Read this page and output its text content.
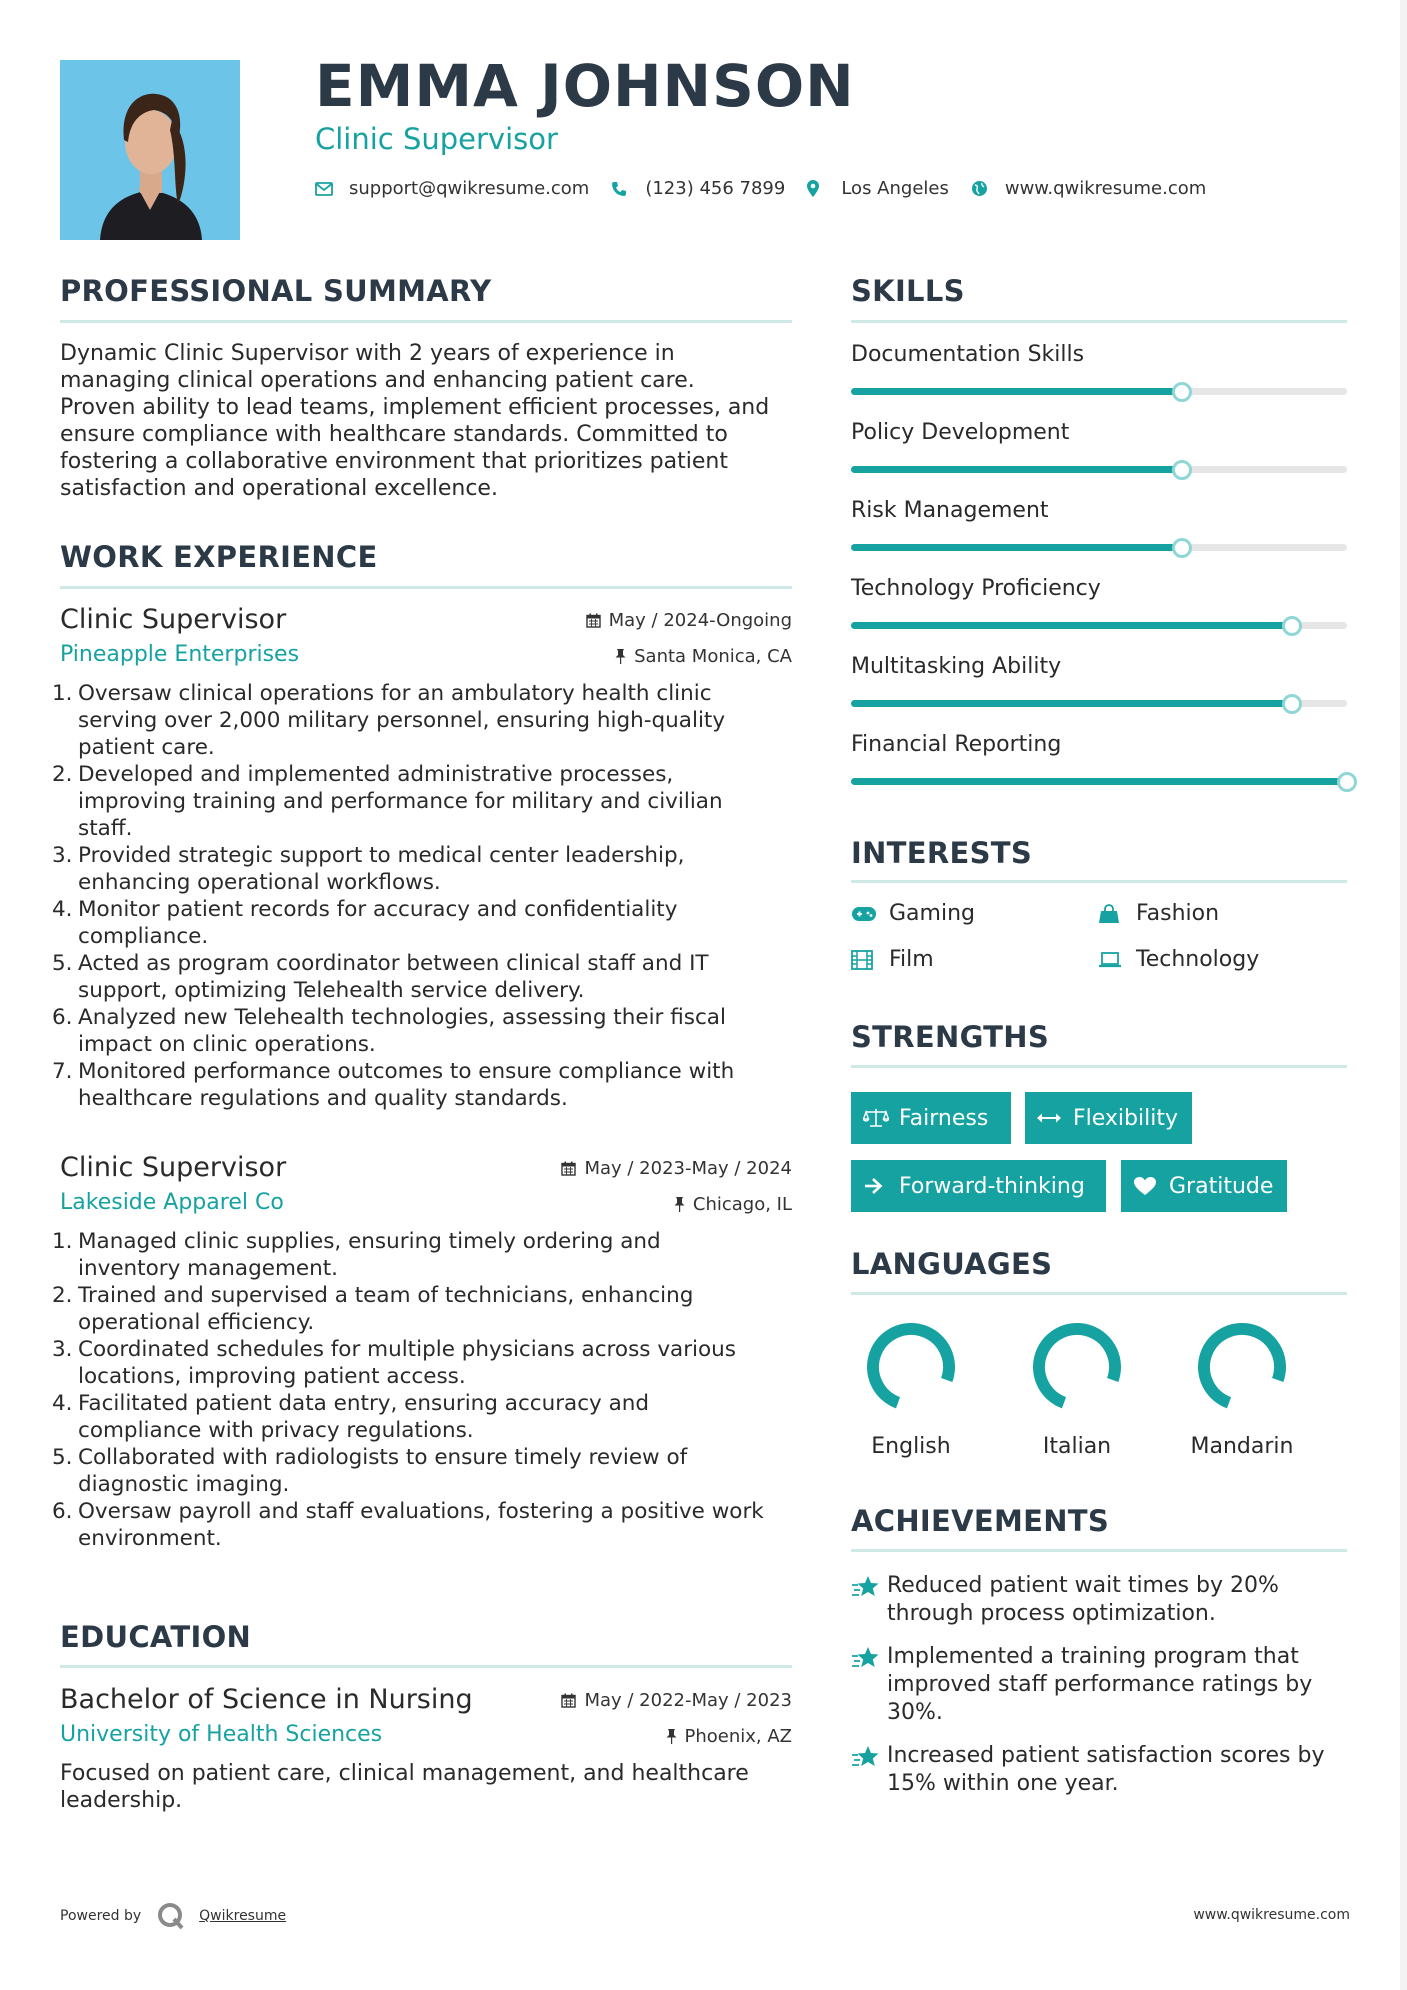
EMMA JOHNSON
Clinic Supervisor
support@qwikresume.com	(123) 456 7899	Los Angeles	www.qwikresume.com
PROFESSIONAL SUMMARY
Dynamic Clinic Supervisor with 2 years of experience in
managing clinical operations and enhancing patient care.
Proven ability to lead teams, implement efficient processes, and
ensure compliance with healthcare standards. Committed to
fostering a collaborative environment that prioritizes patient
satisfaction and operational excellence.
WORK EXPERIENCE
Clinic Supervisor	May / 2024-Ongoing
Pineapple Enterprises	Santa Monica, CA
1. Oversaw clinical operations for an ambulatory health clinic
serving over 2,000 military personnel, ensuring high-quality
patient care.
2. Developed and implemented administrative processes,
improving training and performance for military and civilian
staff.
3. Provided strategic support to medical center leadership,
enhancing operational workflows.
4. Monitor patient records for accuracy and confidentiality
compliance.
5. Acted as program coordinator between clinical staff and IT
support, optimizing Telehealth service delivery.
6. Analyzed new Telehealth technologies, assessing their fiscal
impact on clinic operations.
7. Monitored performance outcomes to ensure compliance with
healthcare regulations and quality standards.
Clinic Supervisor	May / 2023-May / 2024
Lakeside Apparel Co	Chicago, IL
1. Managed clinic supplies, ensuring timely ordering and
inventory management.
2. Trained and supervised a team of technicians, enhancing
operational efficiency.
3. Coordinated schedules for multiple physicians across various
locations, improving patient access.
4. Facilitated patient data entry, ensuring accuracy and
compliance with privacy regulations.
5. Collaborated with radiologists to ensure timely review of
diagnostic imaging.
6. Oversaw payroll and staff evaluations, fostering a positive work
environment.
EDUCATION
Bachelor of Science in Nursing	May / 2022-May / 2023
University of Health Sciences	Phoenix, AZ
Focused on patient care, clinical management, and healthcare
leadership.
SKILLS
Documentation Skills
Policy Development
Risk Management
Technology Proficiency
Multitasking Ability
Financial Reporting
INTERESTS
Gaming	Fashion
Film	Technology
STRENGTHS
Fairness	Flexibility
Forward-thinking	Gratitude
LANGUAGES
English	Italian	Mandarin
ACHIEVEMENTS
Reduced patient wait times by 20%
through process optimization.
Implemented a training program that
improved staff performance ratings by
30%.
Increased patient satisfaction scores by
15% within one year.
Powered by	Qwikresume	www.qwikresume.com
